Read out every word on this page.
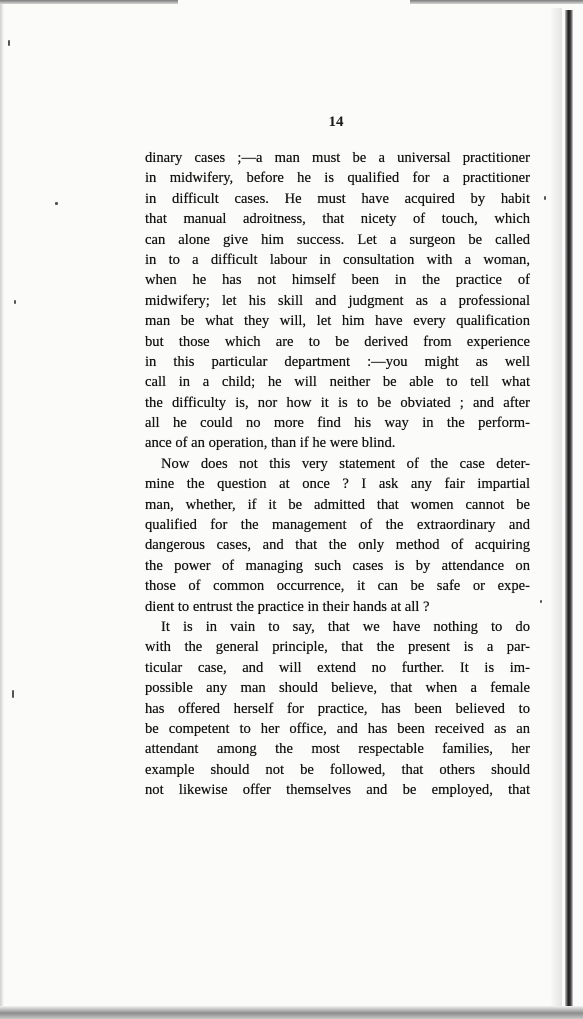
14
dinary cases ;—a man must be a universal practitioner
in midwifery, before he is qualified for a practitioner
in difficult cases. He must have acquired by habit
that manual adroitness, that nicety of touch, which
can alone give him success. Let a surgeon be called
in to a difficult labour in consultation with a woman,
when he has not himself been in the practice of
midwifery; let his skill and judgment as a professional
man be what they will, let him have every qualification
but those which are to be derived from experience
in this particular department :—you might as well
call in a child; he will neither be able to tell what
the difficulty is, nor how it is to be obviated ; and after
all he could no more find his way in the perform-
ance of an operation, than if he were blind.
Now does not this very statement of the case deter-
mine the question at once ? I ask any fair impartial
man, whether, if it be admitted that women cannot be
qualified for the management of the extraordinary and
dangerous cases, and that the only method of acquiring
the power of managing such cases is by attendance on
those of common occurrence, it can be safe or expe-
dient to entrust the practice in their hands at all ?
It is in vain to say, that we have nothing to do
with the general principle, that the present is a par-
ticular case, and will extend no further. It is im-
possible any man should believe, that when a female
has offered herself for practice, has been believed to
be competent to her office, and has been received as an
attendant among the most respectable families, her
example should not be followed, that others should
not likewise offer themselves and be employed, that
